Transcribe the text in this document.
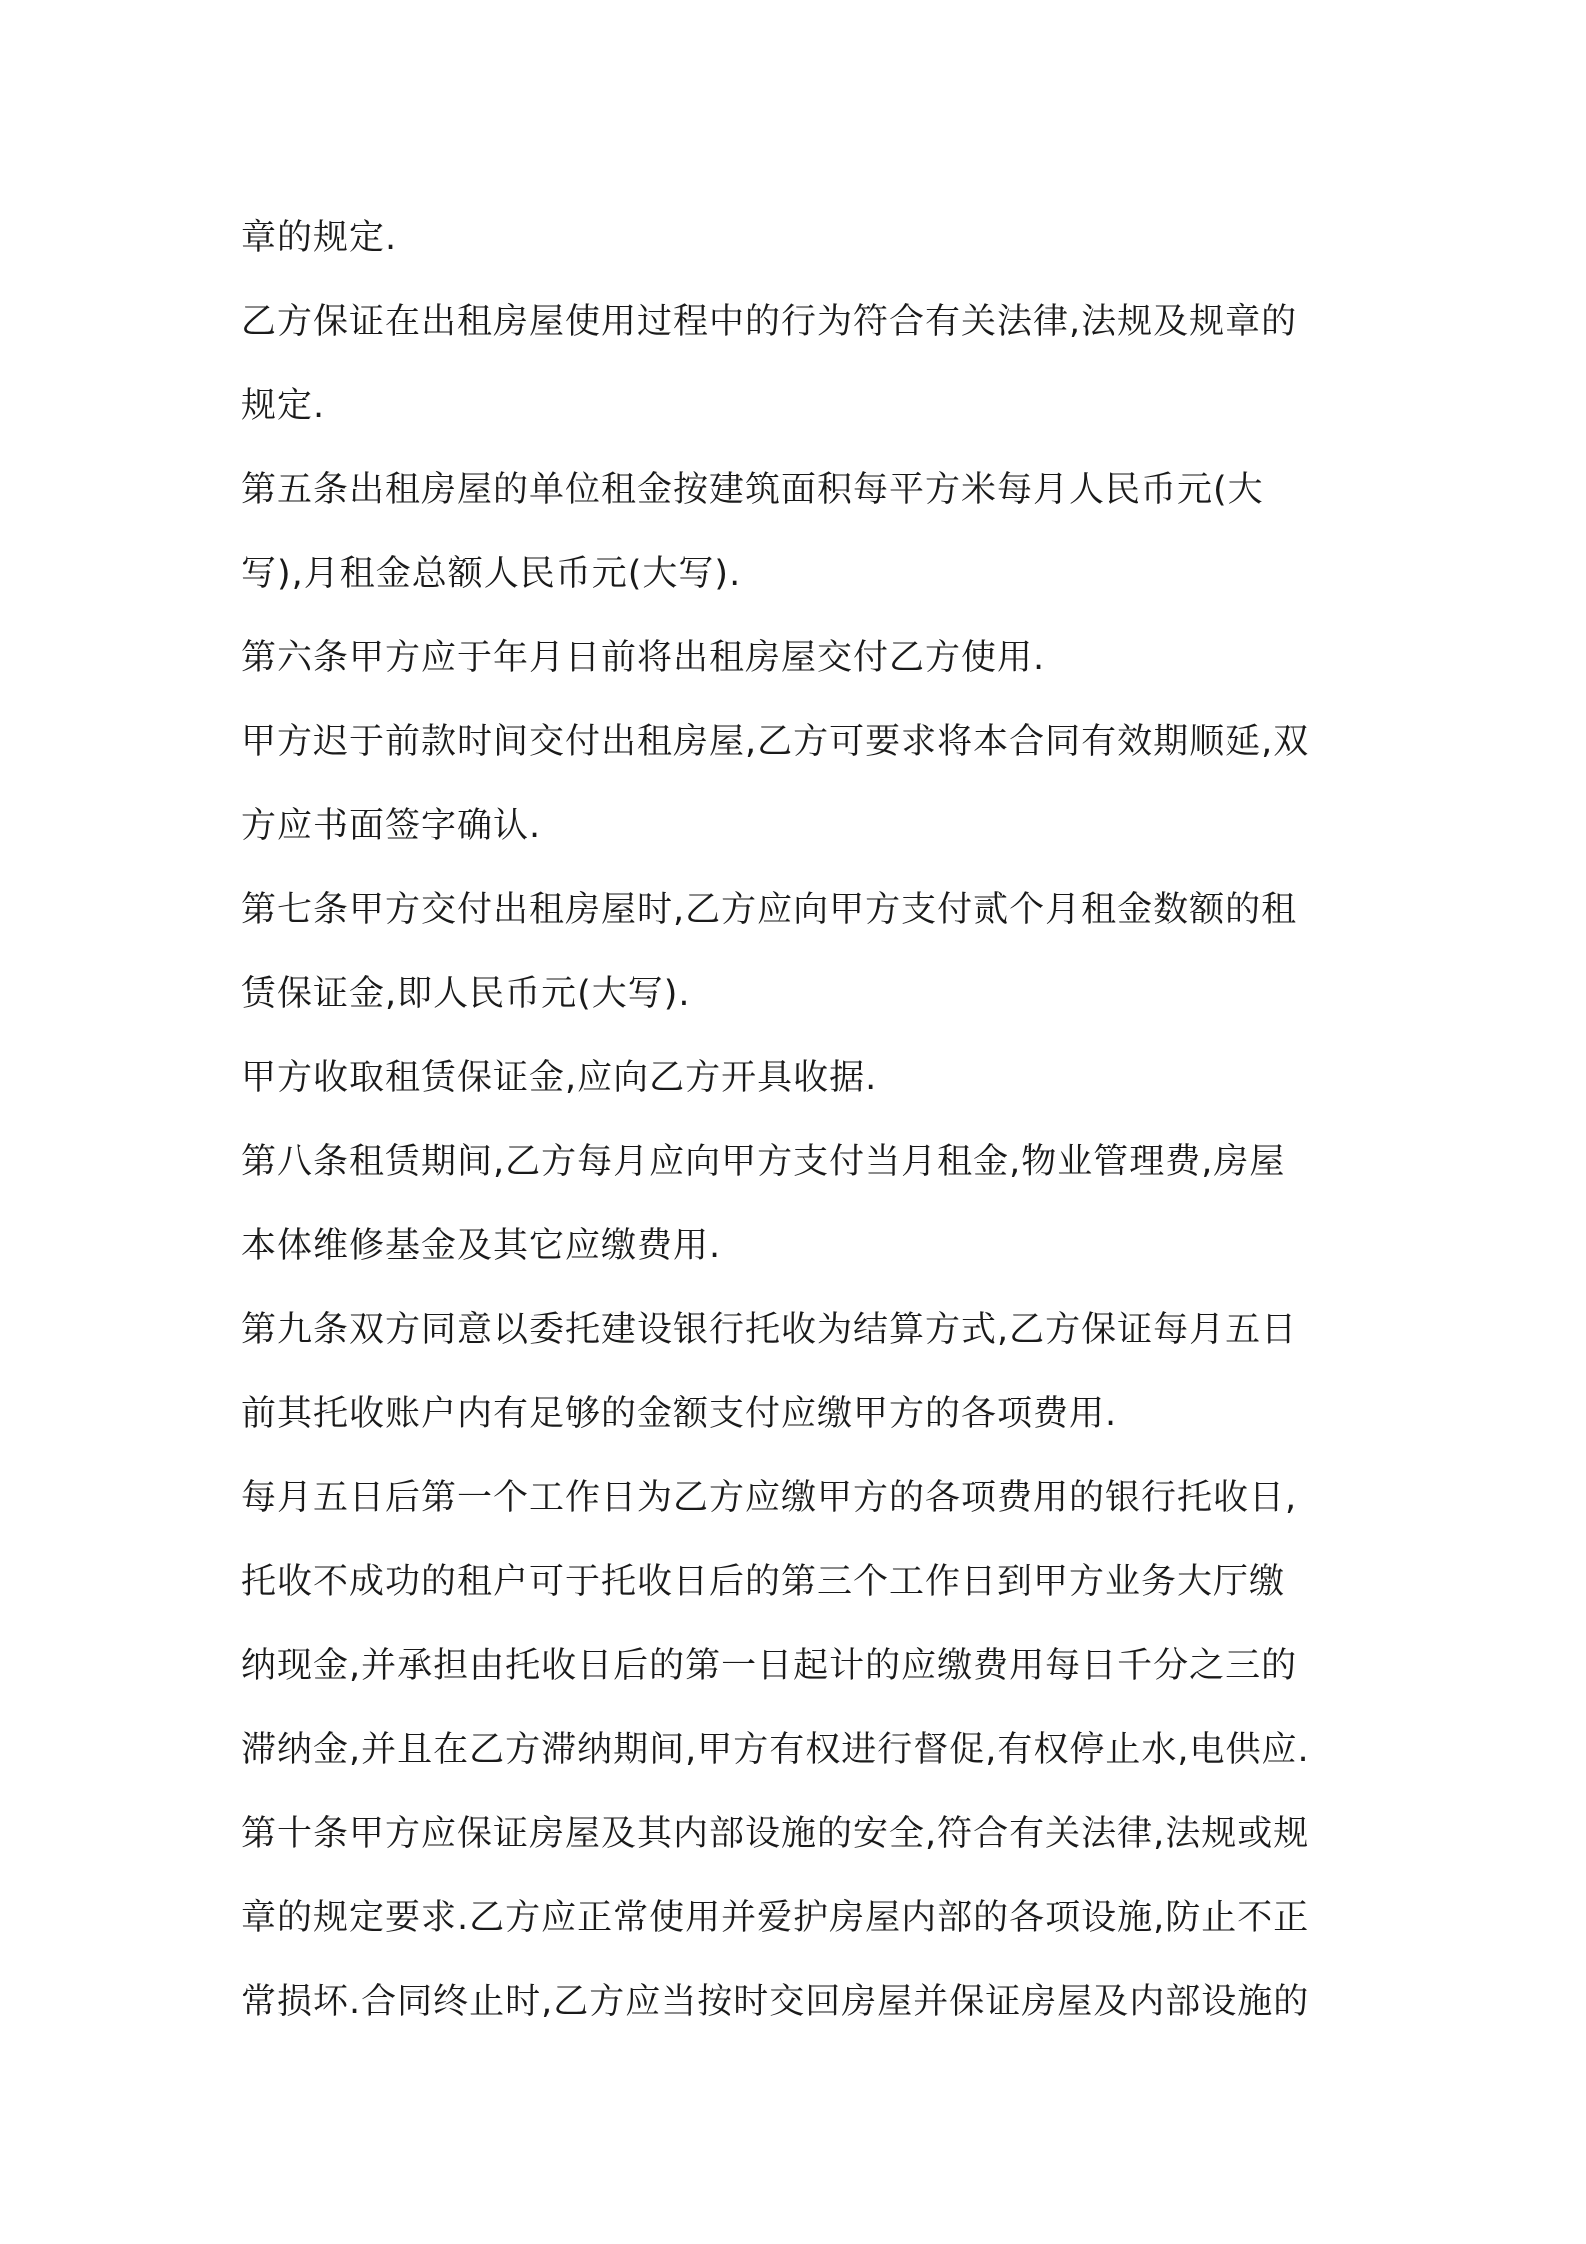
章的规定.
乙方保证在出租房屋使用过程中的行为符合有关法律,法规及规章的
规定.
第五条出租房屋的单位租金按建筑面积每平方米每月人民币元(大
写),月租金总额人民币元(大写).
第六条甲方应于年月日前将出租房屋交付乙方使用.
甲方迟于前款时间交付出租房屋,乙方可要求将本合同有效期顺延,双
方应书面签字确认.
第七条甲方交付出租房屋时,乙方应向甲方支付贰个月租金数额的租
赁保证金,即人民币元(大写).
甲方收取租赁保证金,应向乙方开具收据.
第八条租赁期间,乙方每月应向甲方支付当月租金,物业管理费,房屋
本体维修基金及其它应缴费用.
第九条双方同意以委托建设银行托收为结算方式,乙方保证每月五日
前其托收账户内有足够的金额支付应缴甲方的各项费用.
每月五日后第一个工作日为乙方应缴甲方的各项费用的银行托收日,
托收不成功的租户可于托收日后的第三个工作日到甲方业务大厅缴
纳现金,并承担由托收日后的第一日起计的应缴费用每日千分之三的
滞纳金,并且在乙方滞纳期间,甲方有权进行督促,有权停止水,电供应.
第十条甲方应保证房屋及其内部设施的安全,符合有关法律,法规或规
章的规定要求.乙方应正常使用并爱护房屋内部的各项设施,防止不正
常损坏.合同终止时,乙方应当按时交回房屋并保证房屋及内部设施的
